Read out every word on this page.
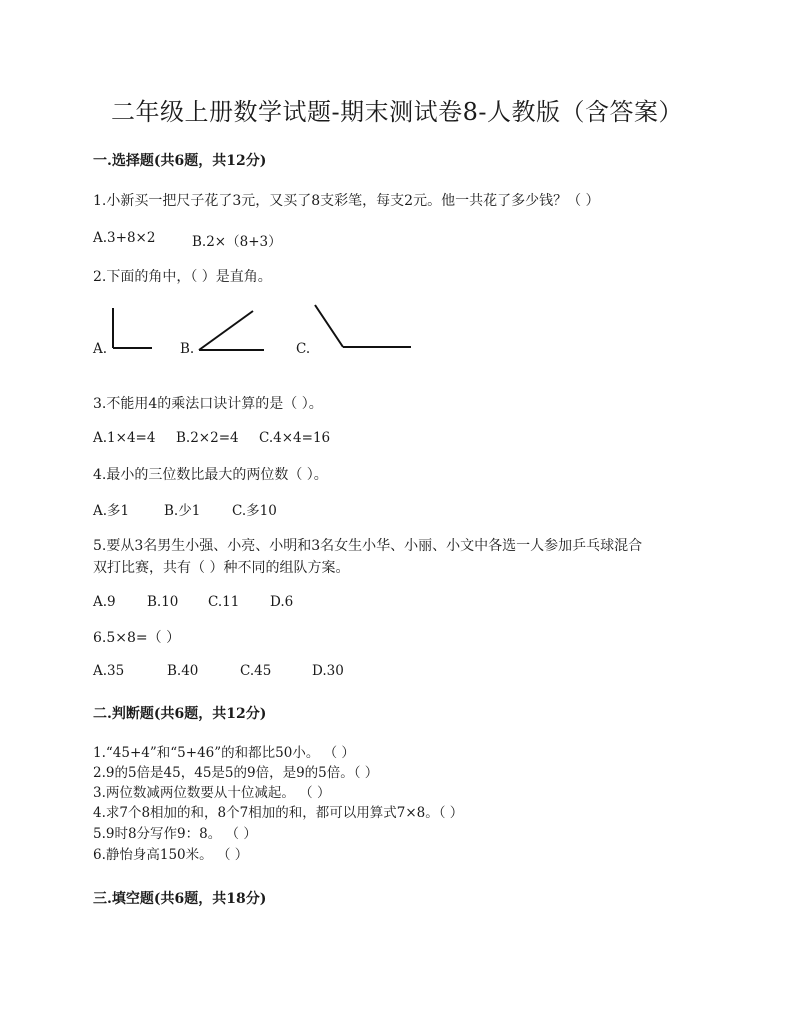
二年级上册数学试题-期末测试卷8-人教版（含答案）
一.选择题(共6题，共12分)
1.小新买一把尺子花了3元，又买了8支彩笔，每支2元。他一共花了多少钱？（ ）
A.3+8×2	B.2×（8+3）
2.下面的角中，（ ）是直角。
A.	B.	C.
3.不能用4的乘法口诀计算的是（ ）。
A.1×4=4 B.2×2=4 C.4×4=16
4.最小的三位数比最大的两位数（ ）。
A.多1	B.少1 C.多10
5.要从3名男生小强、小亮、小明和3名女生小华、小丽、小文中各选一人参加乒乓球混合
双打比赛，共有（ ）种不同的组队方案。
A.9 B.10 C.11 D.6
6.5×8=（ ）
A.35	B.40	C.45	D.30
二.判断题(共6题，共12分)
1.“45+4”和“5+46”的和都比50小。 （ ）
2.9的5倍是45，45是5的9倍，是9的5倍。（ ）
3.两位数减两位数要从十位减起。 （ ）
4.求7个8相加的和，8个7相加的和，都可以用算式7×8。（ ）
5.9时8分写作9：8。 （ ）
6.静怡身高150米。 （ ）
三.填空题(共6题，共18分)
